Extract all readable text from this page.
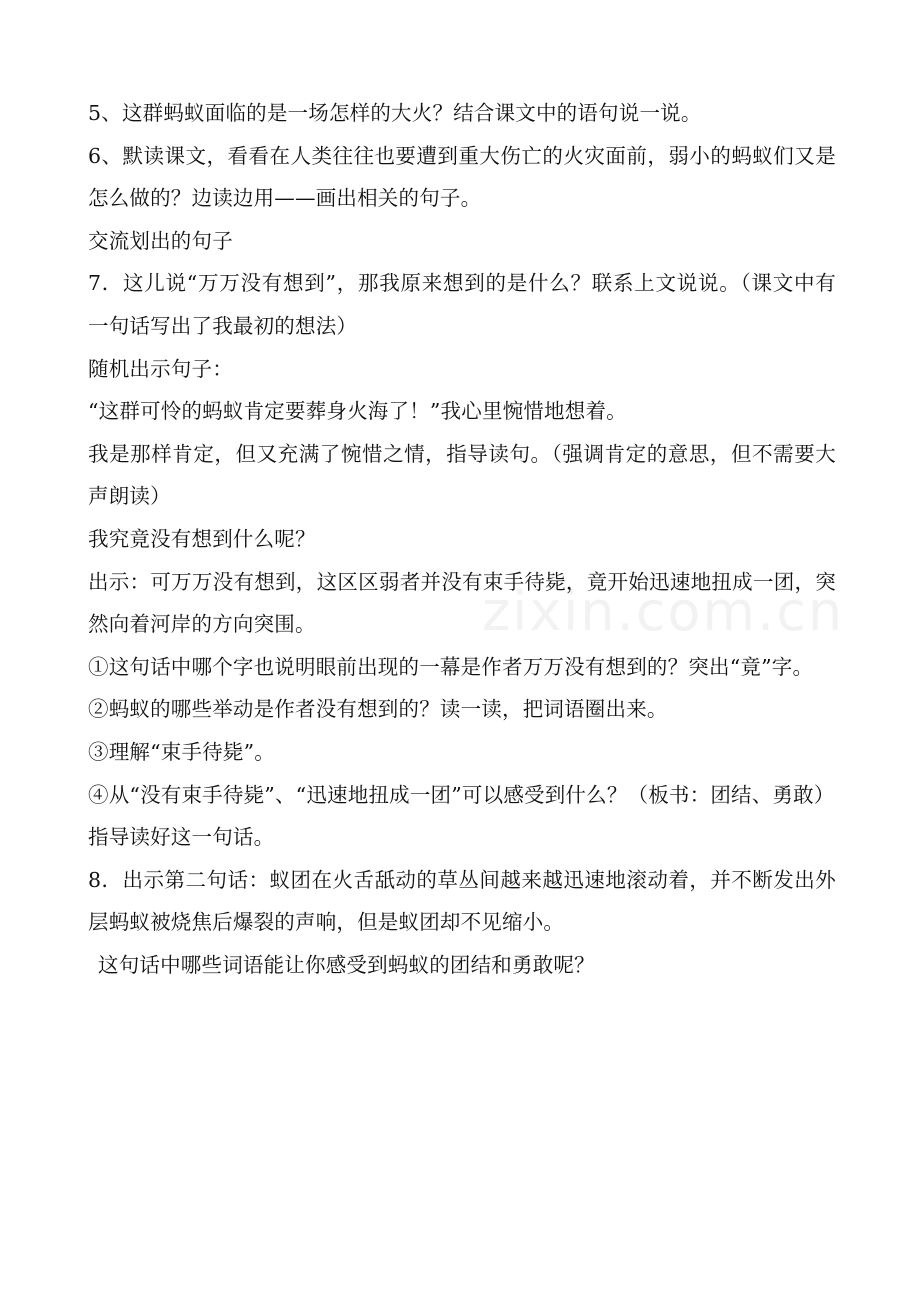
5、这群蚂蚁面临的是一场怎样的大火？结合课文中的语句说一说。

6、默读课文，看看在人类往往也要遭到重大伤亡的火灾面前，弱小的蚂蚁们又是怎么做的？边读边用——画出相关的句子。

交流划出的句子

7．这儿说“万万没有想到”，那我原来想到的是什么？联系上文说说。（课文中有一句话写出了我最初的想法）

随机出示句子：

“这群可怜的蚂蚁肯定要葬身火海了！”我心里惋惜地想着。

我是那样肯定，但又充满了惋惜之情，指导读句。（强调肯定的意思，但不需要大声朗读）

我究竟没有想到什么呢？

出示：可万万没有想到，这区区弱者并没有束手待毙，竟开始迅速地扭成一团，突然向着河岸的方向突围。

①这句话中哪个字也说明眼前出现的一幕是作者万万没有想到的？突出“竟”字。

②蚂蚁的哪些举动是作者没有想到的？读一读，把词语圈出来。

③理解“束手待毙”。

④从“没有束手待毙”、“迅速地扭成一团”可以感受到什么？（板书：团结、勇敢）

指导读好这一句话。

8．出示第二句话：蚁团在火舌舐动的草丛间越来越迅速地滚动着，并不断发出外层蚂蚁被烧焦后爆裂的声响，但是蚁团却不见缩小。

这句话中哪些词语能让你感受到蚂蚁的团结和勇敢呢？

zixin.com.cn
